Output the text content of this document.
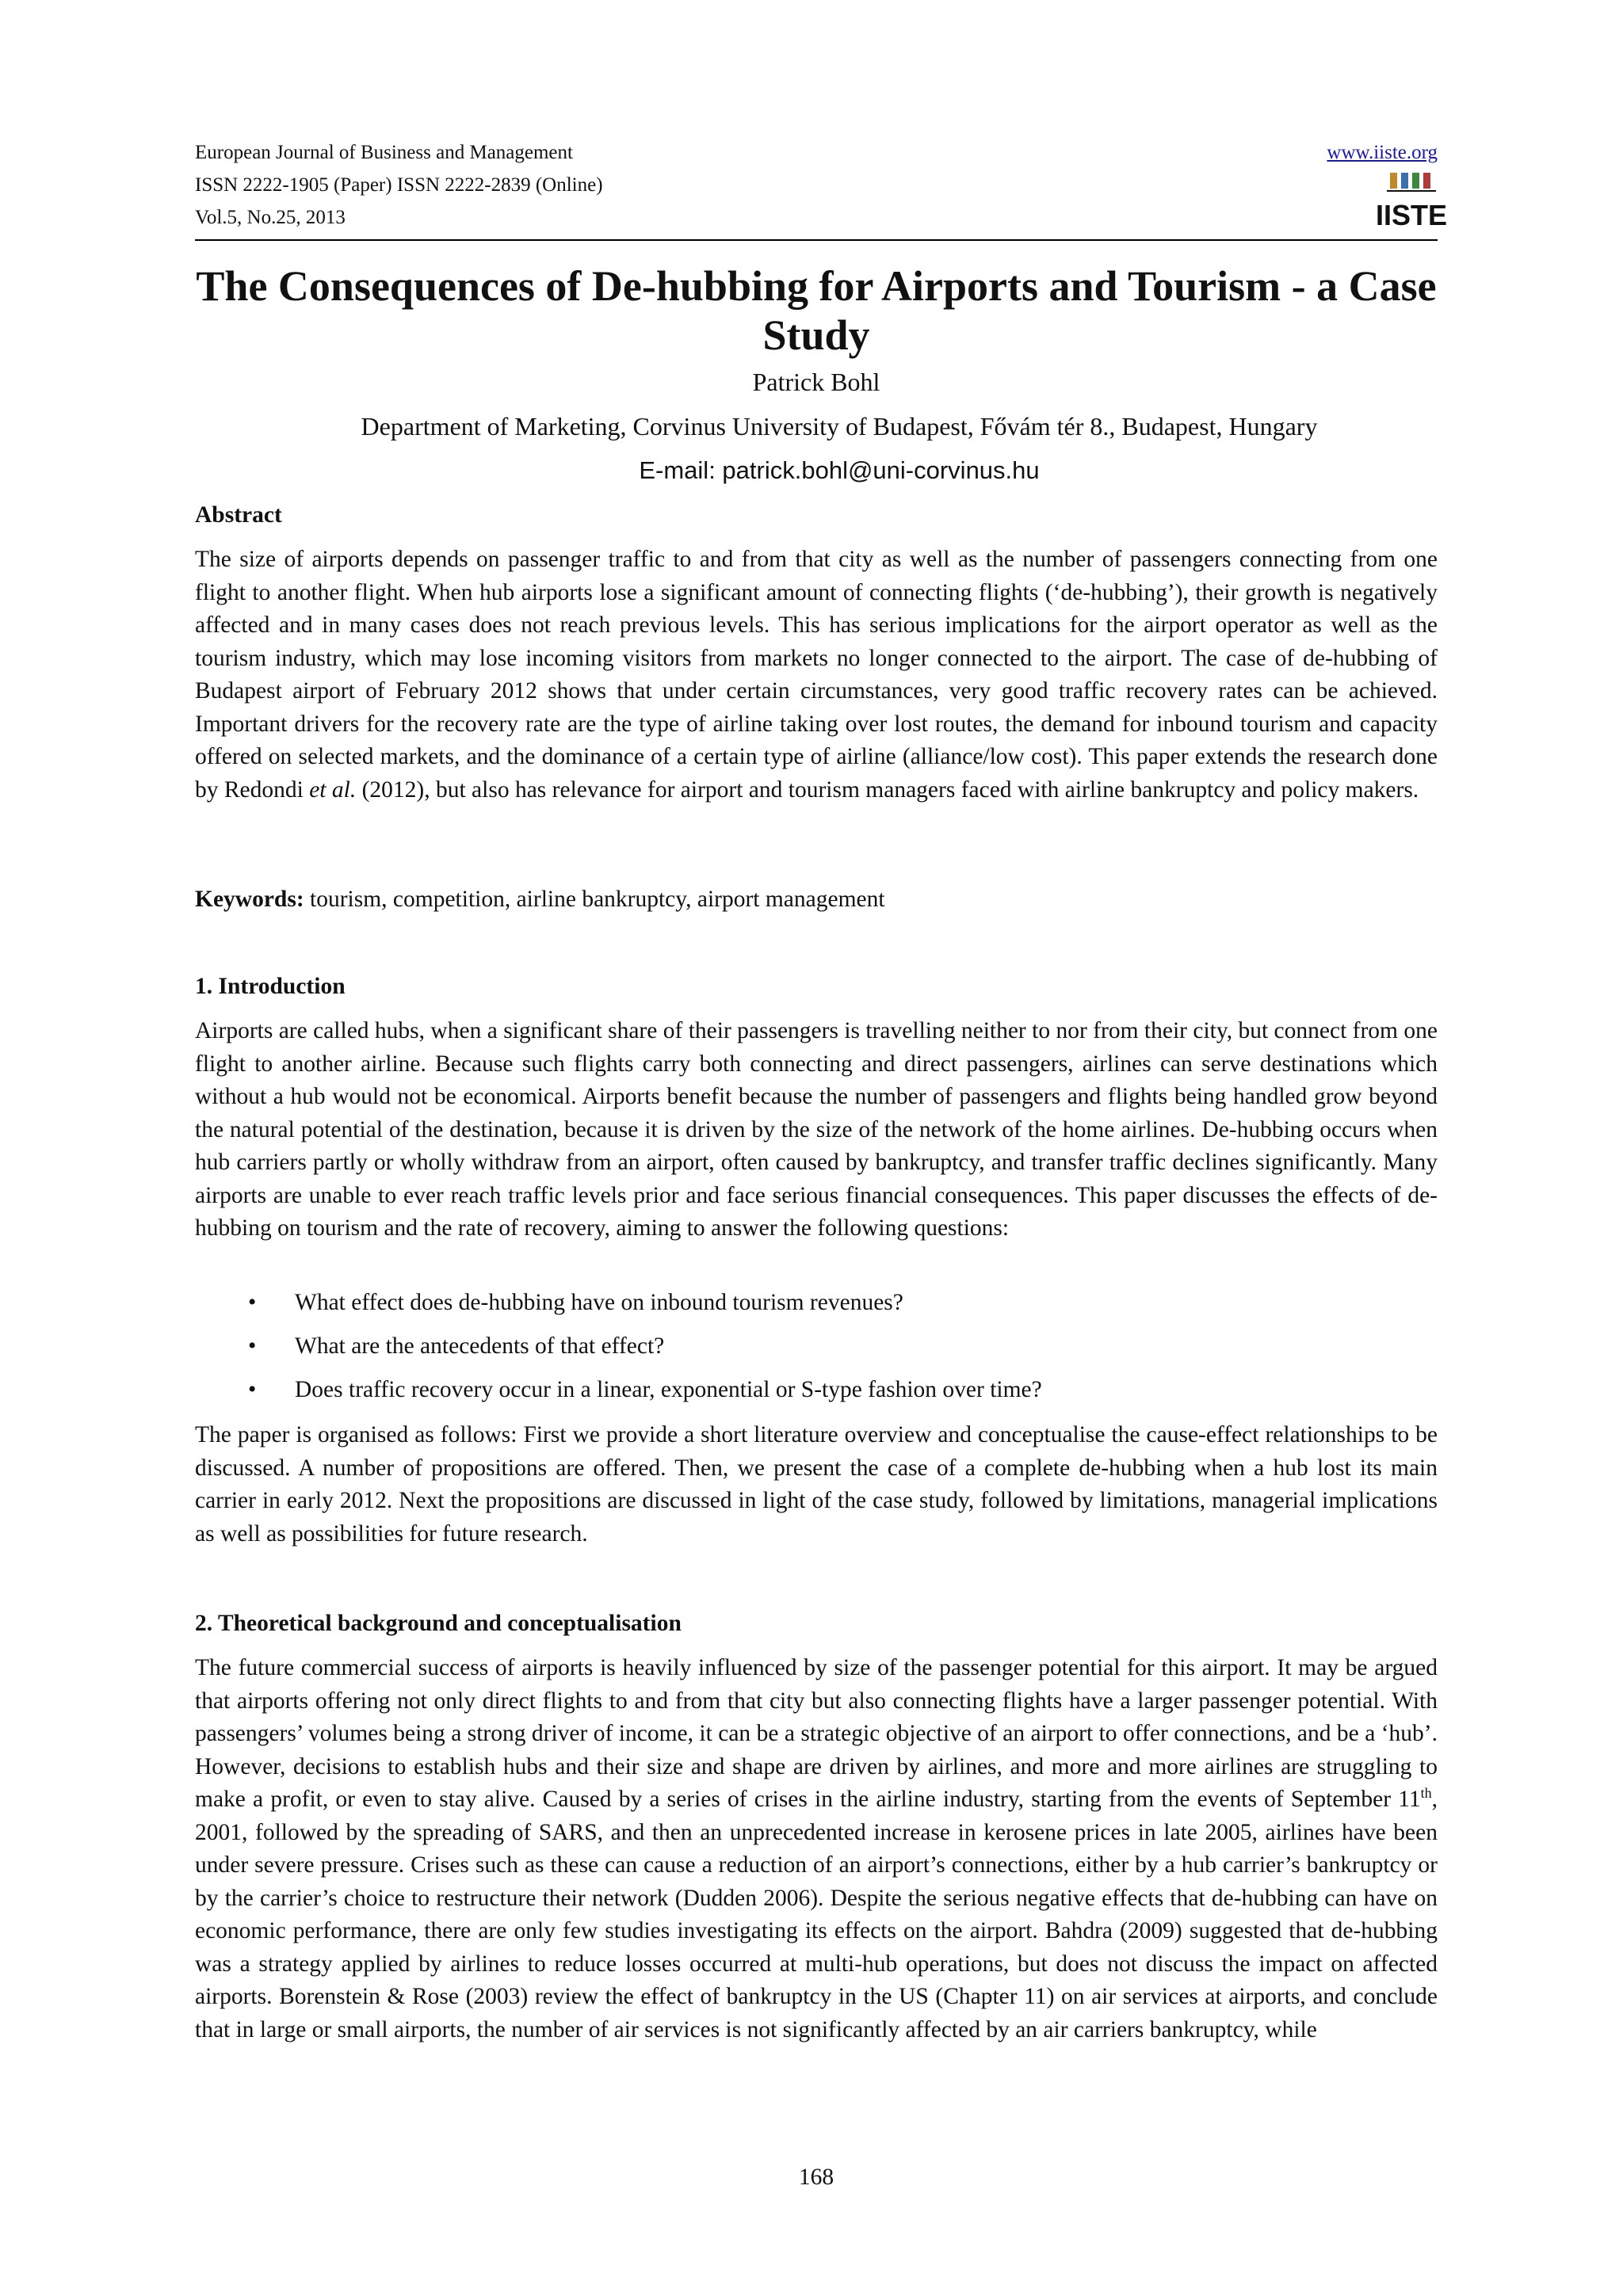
European Journal of Business and Management
ISSN 2222-1905 (Paper) ISSN 2222-2839 (Online)
Vol.5, No.25, 2013
www.iiste.org
IISTE
The Consequences of De-hubbing for Airports and Tourism - a Case Study
Patrick Bohl
Department of Marketing, Corvinus University of Budapest, Fővám tér 8., Budapest, Hungary
E-mail: patrick.bohl@uni-corvinus.hu
Abstract

The size of airports depends on passenger traffic to and from that city as well as the number of passengers connecting from one flight to another flight. When hub airports lose a significant amount of connecting flights (‘de-hubbing’), their growth is negatively affected and in many cases does not reach previous levels. This has serious implications for the airport operator as well as the tourism industry, which may lose incoming visitors from markets no longer connected to the airport. The case of de-hubbing of Budapest airport of February 2012 shows that under certain circumstances, very good traffic recovery rates can be achieved. Important drivers for the recovery rate are the type of airline taking over lost routes, the demand for inbound tourism and capacity offered on selected markets, and the dominance of a certain type of airline (alliance/low cost). This paper extends the research done by Redondi et al. (2012), but also has relevance for airport and tourism managers faced with airline bankruptcy and policy makers.

Keywords: tourism, competition, airline bankruptcy, airport management

1. Introduction

Airports are called hubs, when a significant share of their passengers is travelling neither to nor from their city, but connect from one flight to another airline. Because such flights carry both connecting and direct passengers, airlines can serve destinations which without a hub would not be economical. Airports benefit because the number of passengers and flights being handled grow beyond the natural potential of the destination, because it is driven by the size of the network of the home airlines. De-hubbing occurs when hub carriers partly or wholly withdraw from an airport, often caused by bankruptcy, and transfer traffic declines significantly. Many airports are unable to ever reach traffic levels prior and face serious financial consequences. This paper discusses the effects of de-hubbing on tourism and the rate of recovery, aiming to answer the following questions:

• What effect does de-hubbing have on inbound tourism revenues?
• What are the antecedents of that effect?
• Does traffic recovery occur in a linear, exponential or S-type fashion over time?

The paper is organised as follows: First we provide a short literature overview and conceptualise the cause-effect relationships to be discussed. A number of propositions are offered. Then, we present the case of a complete de-hubbing when a hub lost its main carrier in early 2012. Next the propositions are discussed in light of the case study, followed by limitations, managerial implications as well as possibilities for future research.

2. Theoretical background and conceptualisation

The future commercial success of airports is heavily influenced by size of the passenger potential for this airport. It may be argued that airports offering not only direct flights to and from that city but also connecting flights have a larger passenger potential. With passengers’ volumes being a strong driver of income, it can be a strategic objective of an airport to offer connections, and be a ‘hub’. However, decisions to establish hubs and their size and shape are driven by airlines, and more and more airlines are struggling to make a profit, or even to stay alive. Caused by a series of crises in the airline industry, starting from the events of September 11th, 2001, followed by the spreading of SARS, and then an unprecedented increase in kerosene prices in late 2005, airlines have been under severe pressure. Crises such as these can cause a reduction of an airport’s connections, either by a hub carrier’s bankruptcy or by the carrier’s choice to restructure their network (Dudden 2006). Despite the serious negative effects that de-hubbing can have on economic performance, there are only few studies investigating its effects on the airport. Bahdra (2009) suggested that de-hubbing was a strategy applied by airlines to reduce losses occurred at multi-hub operations, but does not discuss the impact on affected airports. Borenstein & Rose (2003) review the effect of bankruptcy in the US (Chapter 11) on air services at airports, and conclude that in large or small airports, the number of air services is not significantly affected by an air carriers bankruptcy, while

168
